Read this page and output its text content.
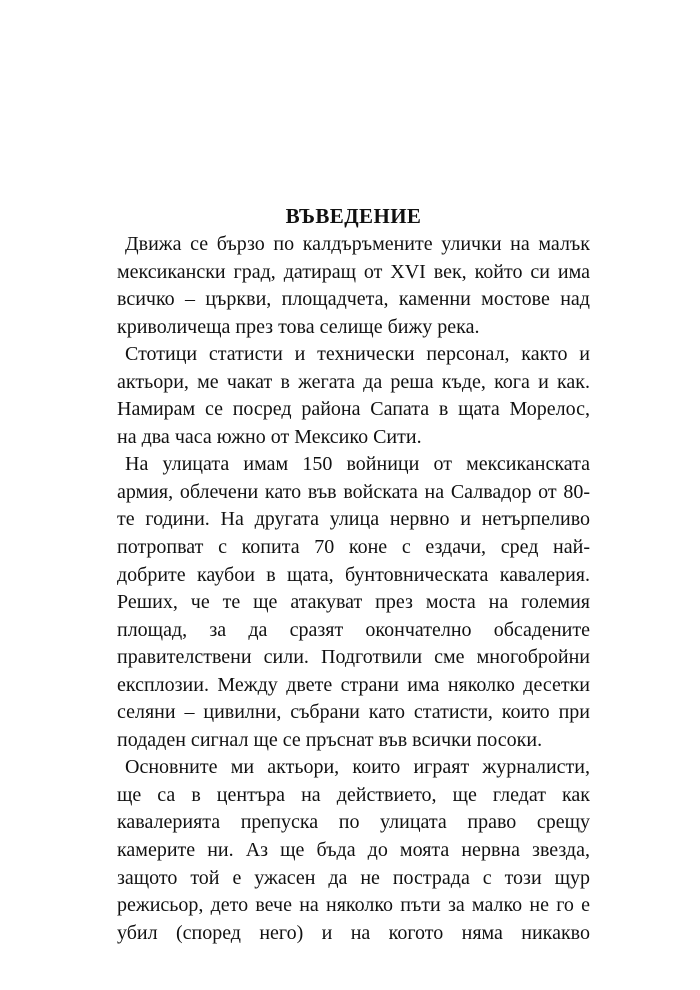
ВЪВЕДЕНИЕ
Движа се бързо по калдъръмените улички на малък
мексикански град, датиращ от XVI век, който си има
всичко – църкви, площадчета, каменни мостове над
криволичеща през това селище бижу река.
Стотици статисти и технически персонал, както и
актьори, ме чакат в жегата да реша къде, кога и как.
Намирам се посред района Сапата в щата Морелос,
на два часа южно от Мексико Сити.
На улицата имам 150 войници от мексиканската
армия, облечени като във войската на Салвадор от 80-
те години. На другата улица нервно и нетърпеливо
потропват с копита 70 коне с ездачи, сред най-
добрите каубои в щата, бунтовническата кавалерия.
Реших, че те ще атакуват през моста на големия
площад, за да сразят окончателно обсадените
правителствени сили. Подготвили сме многобройни
експлозии. Между двете страни има няколко десетки
селяни – цивилни, събрани като статисти, които при
подаден сигнал ще се пръснат във всички посоки.
Основните ми актьори, които играят журналисти,
ще са в центъра на действието, ще гледат как
кавалерията препуска по улицата право срещу
камерите ни. Аз ще бъда до моята нервна звезда,
защото той е ужасен да не пострада с този щур
режисьор, дето вече на няколко пъти за малко не го е
убил (според него) и на когото няма никакво
